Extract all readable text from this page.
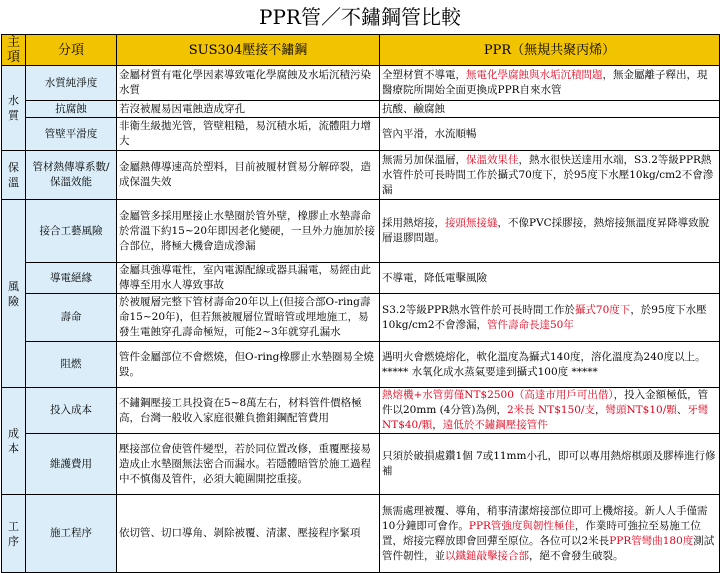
PPR管／不鏽鋼管比較
主項	分項	SUS304壓接不鏽鋼	PPR（無規共聚丙烯）
水質	水質純淨度	金屬材質有電化學因素導致電化學腐蝕及水垢沉積污染水質	全塑材質不導電，無電化學腐蝕與水垢沉積問題，無金屬離子釋出，現醫療院所開始全面更換成PPR自來水管
	抗腐蝕	若沒被履易因電蝕造成穿孔	抗酸、鹼腐蝕
	管壁平滑度	非衛生級拋光管，管壁粗糙，易沉積水垢，流體阻力增大	管內平滑，水流順暢
保溫	管材熱傳導系數/保溫效能	金屬熱傳導速高於塑料，目前被履材質易分解碎裂，造成保溫失效	無需另加保溫層，保溫效果佳，熱水很快送達用水端，S3.2等級PPR熱水管件於可長時間工作於攝式70度下，於95度下水壓10kg/cm2不會滲漏
風險	接合工藝風險	金屬管多採用壓接止水墊圈於管外壁，橡膠止水墊壽命於常溫下約15~20年即因老化變硬，一旦外力施加於接合部位，將極大機會造成滲漏	採用熱熔接，接頭無接縫，不像PVC採膠接，熱熔接無溫度昇降導致脫層退膠問題。
	導電絕緣	金屬具強導電性，室內電源配線或器具漏電，易經由此傳導至用水人導致事故	不導電，降低電擊風險
	壽命	於被履層完整下管材壽命20年以上(但接合部O-ring壽命15~20年)，但若無被履層位置暗管或埋地施工，易發生電蝕穿孔壽命極短，可能2~3年就穿孔漏水	S3.2等級PPR熱水管件於可長時間工作於攝式70度下，於95度下水壓10kg/cm2不會滲漏，管件壽命長達50年
	阻燃	管件金屬部位不會燃燒，但O-ring橡膠止水墊圈易全燒毀。	遇明火會燃燒熔化，軟化溫度為攝式140度，溶化溫度為240度以上。
***** 水氧化成水蒸氣要達到攝式100度 *****
成本	投入成本	不鏽鋼壓接工具投資在5~8萬左右，材料管件價格極高，台灣一般收入家庭很難負擔鉬鋼配管費用	熱熔機+水管剪僅NT$2500（高達市用戶可出借），投入金額極低，管件以20mm (4分管)為例，2米長 NT$150/支，彎頭NT$10/顆、牙彎 NT$40/顆，遠低於不鏽鋼壓接管件
	維護費用	壓接部位會使管件變型，若於同位置改修，重覆壓接易造成止水墊圈無法密合而漏水。若隱體暗管於施工過程中不慎傷及管件，必須大範圍開挖重接。	只須於破損處鑽1個 7或11mm小孔，即可以專用熱熔棋頭及膠棒進行修補
工序	施工程序	依切管、切口導角、剝除被覆、清潔、壓接程序緊項	無需處理被覆、導角，稍事清潔熔接部位即可上機熔接。新人人手僅需10分鐘即可會作。PPR管強度與韌性極佳，作業時可強拉至易施工位置，熔接完釋放即會回彈至原位。各位可以2米長PPR管彎曲180度測試管件韌性，並以鐵鎚敲擊接合部，絕不會發生破裂。
